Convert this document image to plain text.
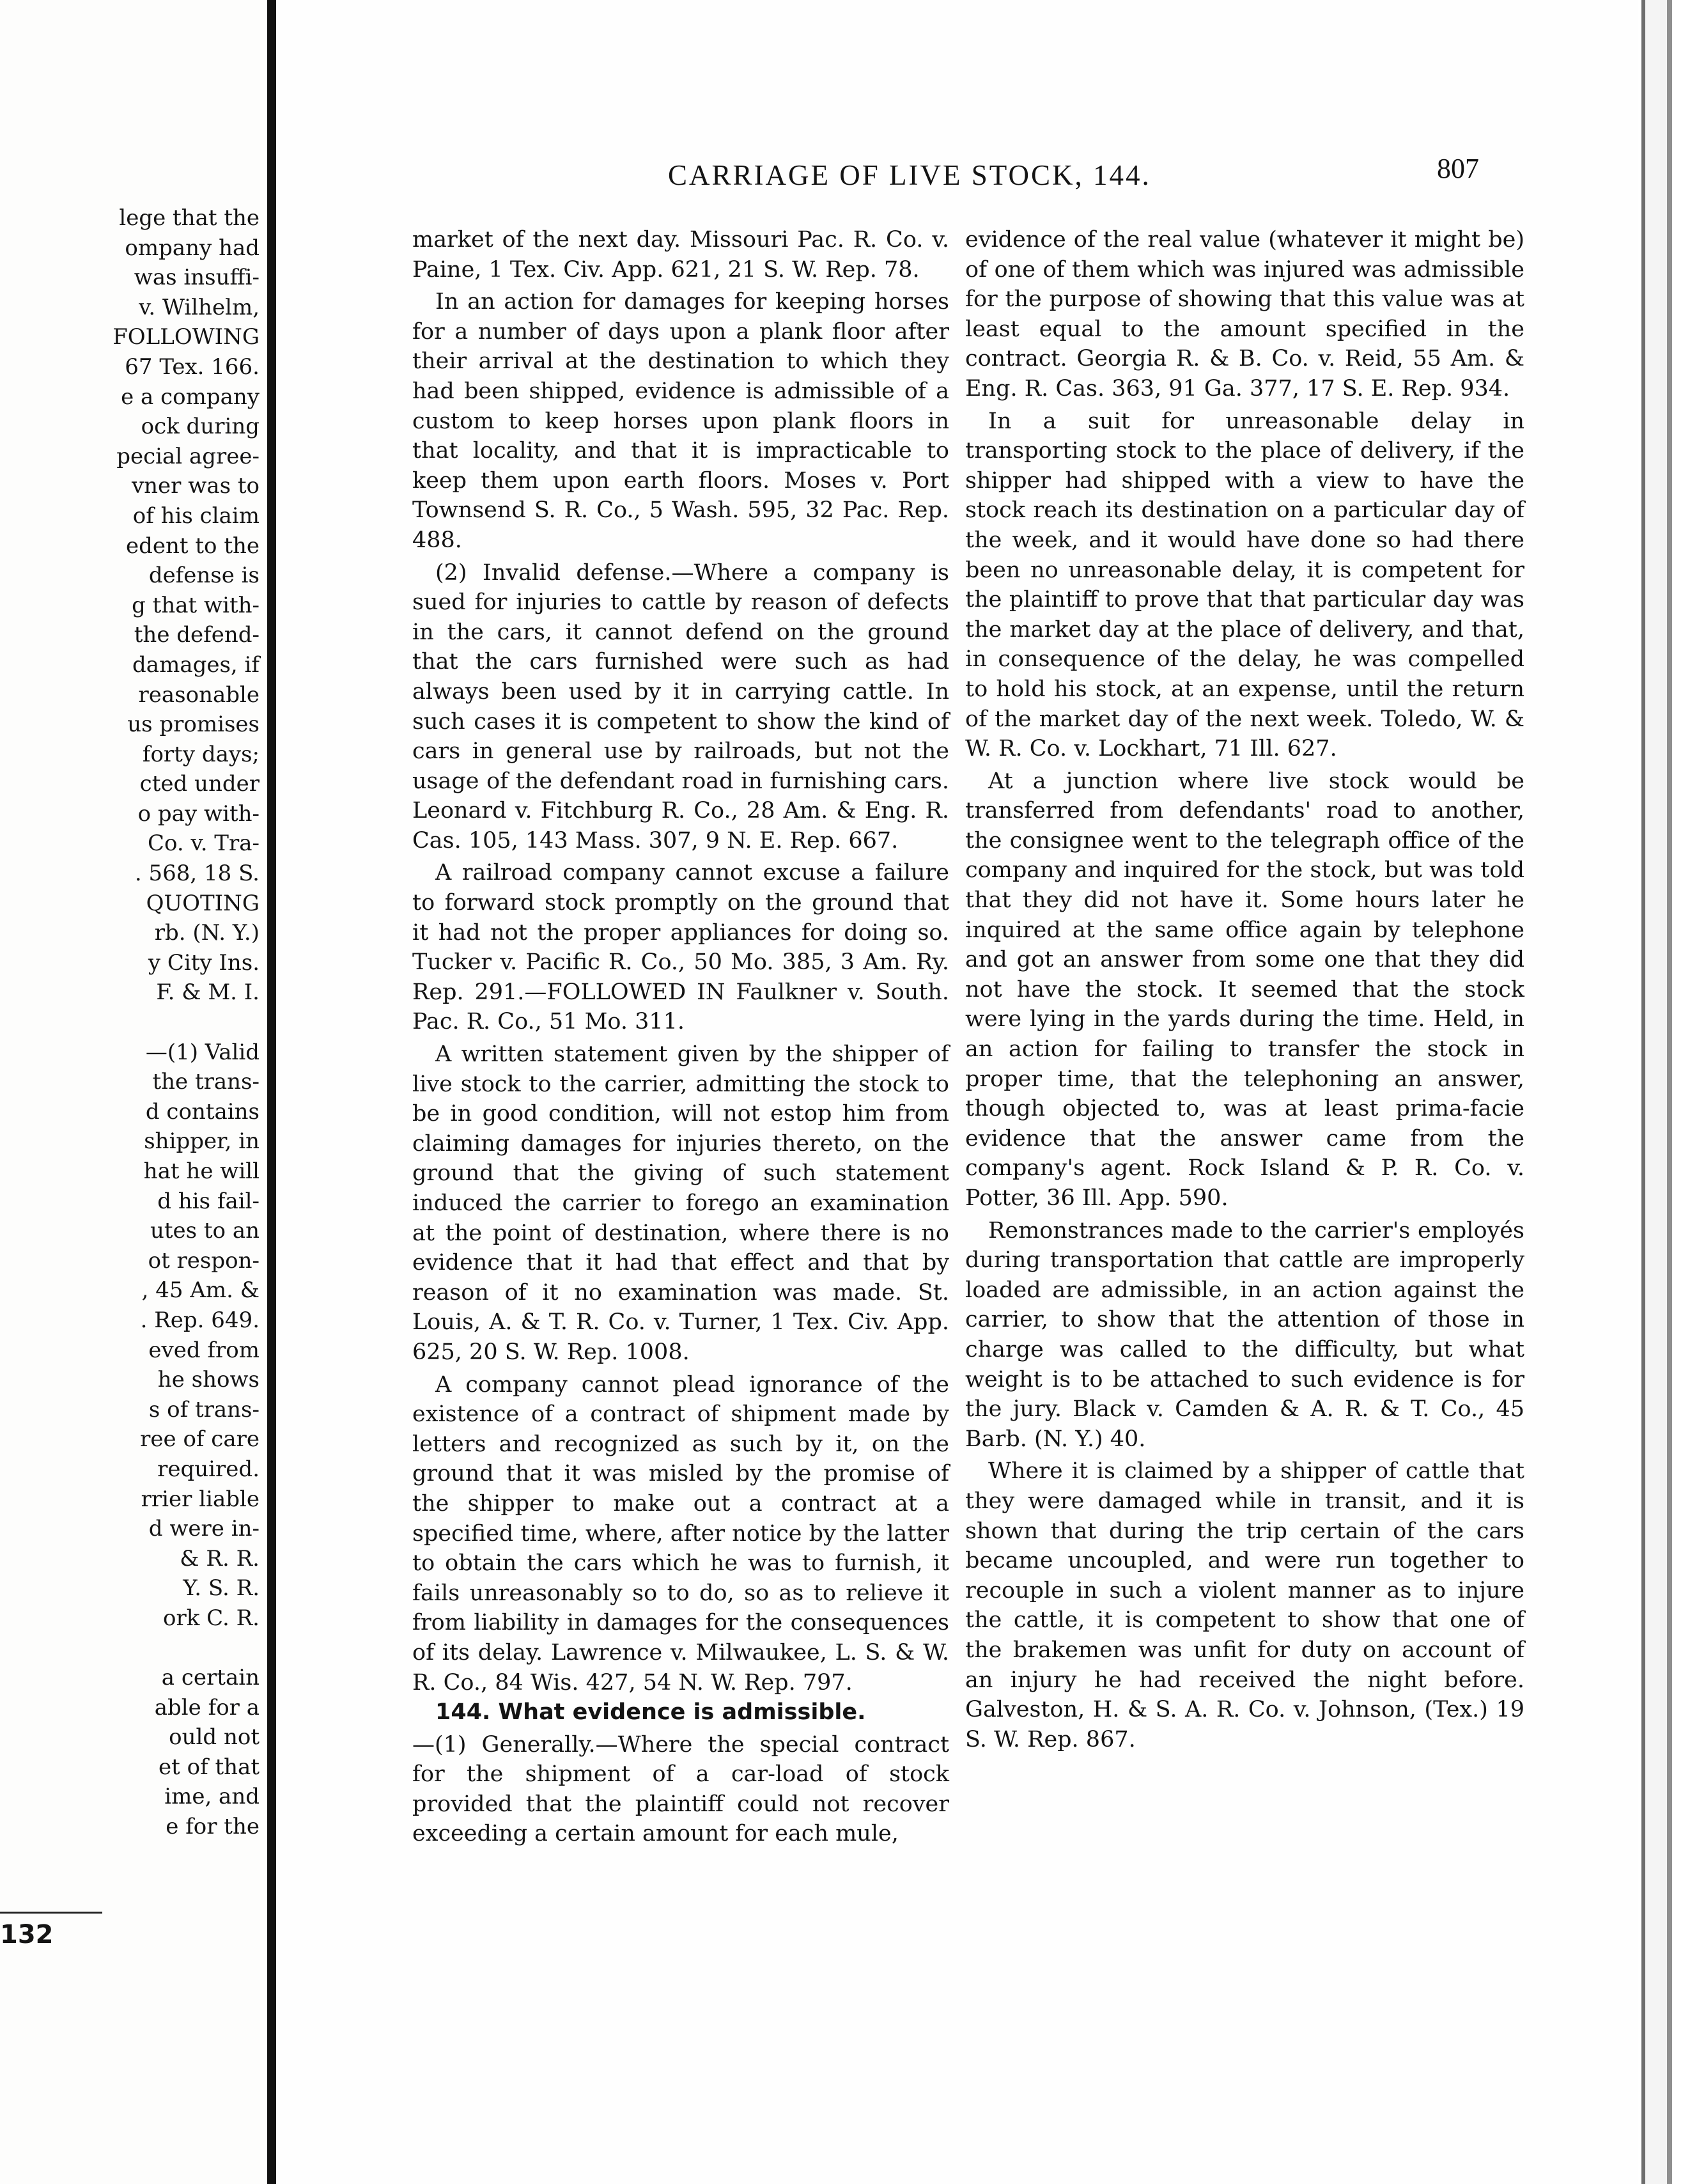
lege that the
ompany had
was insuffi-
v. Wilhelm,
FOLLOWING
67 Tex. 166.
e a company
ock during
pecial agree-
vner was to
of his claim
edent to the
defense is
g that with-
the defend-
damages, if
reasonable
us promises
forty days;
cted under
o pay with-
Co. v. Tra-
. 568, 18 S.
QUOTING
rb. (N. Y.)
y City Ins.
F. & M. I.

—(1) Valid
the trans-
d contains
shipper, in
hat he will
d his fail-
utes to an
ot respon-
, 45 Am. &
. Rep. 649.
eved from
he shows
s of trans-
ree of care
required.
rrier liable
d were in-
& R. R.
Y. S. R.
ork C. R.

a certain
able for a
ould not
et of that
ime, and
e for the
132
CARRIAGE OF LIVE STOCK, 144.	807

market of the next day. Missouri Pac. R. Co. v. Paine, 1 Tex. Civ. App. 621, 21 S. W. Rep. 78.

In an action for damages for keeping horses for a number of days upon a plank floor after their arrival at the destination to which they had been shipped, evidence is admissible of a custom to keep horses upon plank floors in that locality, and that it is impracticable to keep them upon earth floors. Moses v. Port Townsend S. R. Co., 5 Wash. 595, 32 Pac. Rep. 488.

(2) Invalid defense.—Where a company is sued for injuries to cattle by reason of defects in the cars, it cannot defend on the ground that the cars furnished were such as had always been used by it in carrying cattle. In such cases it is competent to show the kind of cars in general use by railroads, but not the usage of the defendant road in furnishing cars. Leonard v. Fitchburg R. Co., 28 Am. & Eng. R. Cas. 105, 143 Mass. 307, 9 N. E. Rep. 667.

A railroad company cannot excuse a failure to forward stock promptly on the ground that it had not the proper appliances for doing so. Tucker v. Pacific R. Co., 50 Mo. 385, 3 Am. Ry. Rep. 291.—FOLLOWED IN Faulkner v. South. Pac. R. Co., 51 Mo. 311.

A written statement given by the shipper of live stock to the carrier, admitting the stock to be in good condition, will not estop him from claiming damages for injuries thereto, on the ground that the giving of such statement induced the carrier to forego an examination at the point of destination, where there is no evidence that it had that effect and that by reason of it no examination was made. St. Louis, A. & T. R. Co. v. Turner, 1 Tex. Civ. App. 625, 20 S. W. Rep. 1008.

A company cannot plead ignorance of the existence of a contract of shipment made by letters and recognized as such by it, on the ground that it was misled by the promise of the shipper to make out a contract at a specified time, where, after notice by the latter to obtain the cars which he was to furnish, it fails unreasonably so to do, so as to relieve it from liability in damages for the consequences of its delay. Lawrence v. Milwaukee, L. S. & W. R. Co., 84 Wis. 427, 54 N. W. Rep. 797.

144. What evidence is admissible.

—(1) Generally.—Where the special contract for the shipment of a car-load of stock provided that the plaintiff could not recover exceeding a certain amount for each mule,

evidence of the real value (whatever it might be) of one of them which was injured was admissible for the purpose of showing that this value was at least equal to the amount specified in the contract. Georgia R. & B. Co. v. Reid, 55 Am. & Eng. R. Cas. 363, 91 Ga. 377, 17 S. E. Rep. 934.

In a suit for unreasonable delay in transporting stock to the place of delivery, if the shipper had shipped with a view to have the stock reach its destination on a particular day of the week, and it would have done so had there been no unreasonable delay, it is competent for the plaintiff to prove that that particular day was the market day at the place of delivery, and that, in consequence of the delay, he was compelled to hold his stock, at an expense, until the return of the market day of the next week. Toledo, W. & W. R. Co. v. Lockhart, 71 Ill. 627.

At a junction where live stock would be transferred from defendants' road to another, the consignee went to the telegraph office of the company and inquired for the stock, but was told that they did not have it. Some hours later he inquired at the same office again by telephone and got an answer from some one that they did not have the stock. It seemed that the stock were lying in the yards during the time. Held, in an action for failing to transfer the stock in proper time, that the telephoning an answer, though objected to, was at least prima-facie evidence that the answer came from the company's agent. Rock Island & P. R. Co. v. Potter, 36 Ill. App. 590.

Remonstrances made to the carrier's employés during transportation that cattle are improperly loaded are admissible, in an action against the carrier, to show that the attention of those in charge was called to the difficulty, but what weight is to be attached to such evidence is for the jury. Black v. Camden & A. R. & T. Co., 45 Barb. (N. Y.) 40.

Where it is claimed by a shipper of cattle that they were damaged while in transit, and it is shown that during the trip certain of the cars became uncoupled, and were run together to recouple in such a violent manner as to injure the cattle, it is competent to show that one of the brakemen was unfit for duty on account of an injury he had received the night before. Galveston, H. & S. A. R. Co. v. Johnson, (Tex.) 19 S. W. Rep. 867.
